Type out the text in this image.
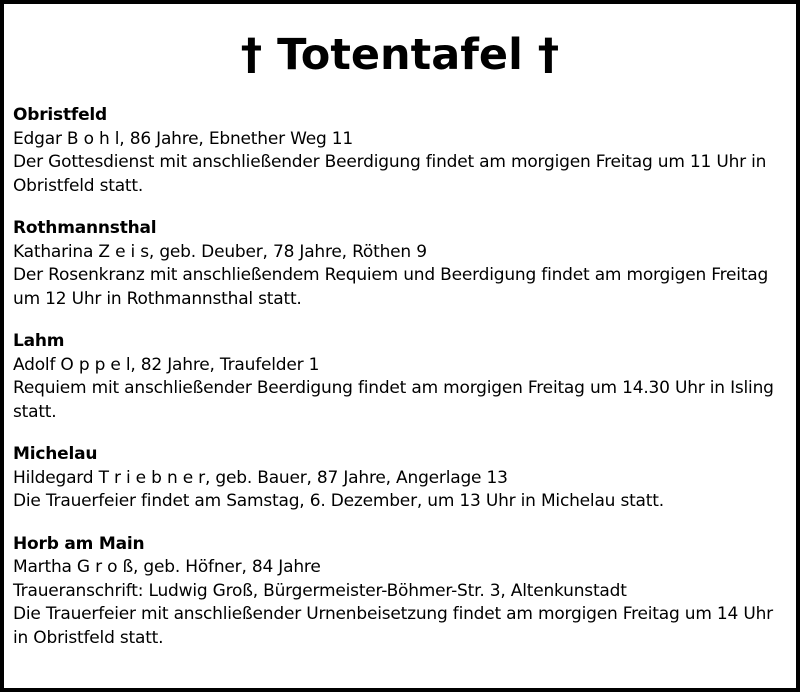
† Totentafel †
Obristfeld
Edgar B o h l, 86 Jahre, Ebnether Weg 11
Der Gottesdienst mit anschließender Beerdigung findet am morgigen Freitag um 11 Uhr in
Obristfeld statt.
Rothmannsthal
Katharina Z e i s, geb. Deuber, 78 Jahre, Röthen 9
Der Rosenkranz mit anschließendem Requiem und Beerdigung findet am morgigen Freitag
um 12 Uhr in Rothmannsthal statt.
Lahm
Adolf O p p e l, 82 Jahre, Traufelder 1
Requiem mit anschließender Beerdigung findet am morgigen Freitag um 14.30 Uhr in Isling
statt.
Michelau
Hildegard T r i e b n e r, geb. Bauer, 87 Jahre, Angerlage 13
Die Trauerfeier findet am Samstag, 6. Dezember, um 13 Uhr in Michelau statt.
Horb am Main
Martha G r o ß, geb. Höfner, 84 Jahre
Traueranschrift: Ludwig Groß, Bürgermeister-Böhmer-Str. 3, Altenkunstadt
Die Trauerfeier mit anschließender Urnenbeisetzung findet am morgigen Freitag um 14 Uhr
in Obristfeld statt.
